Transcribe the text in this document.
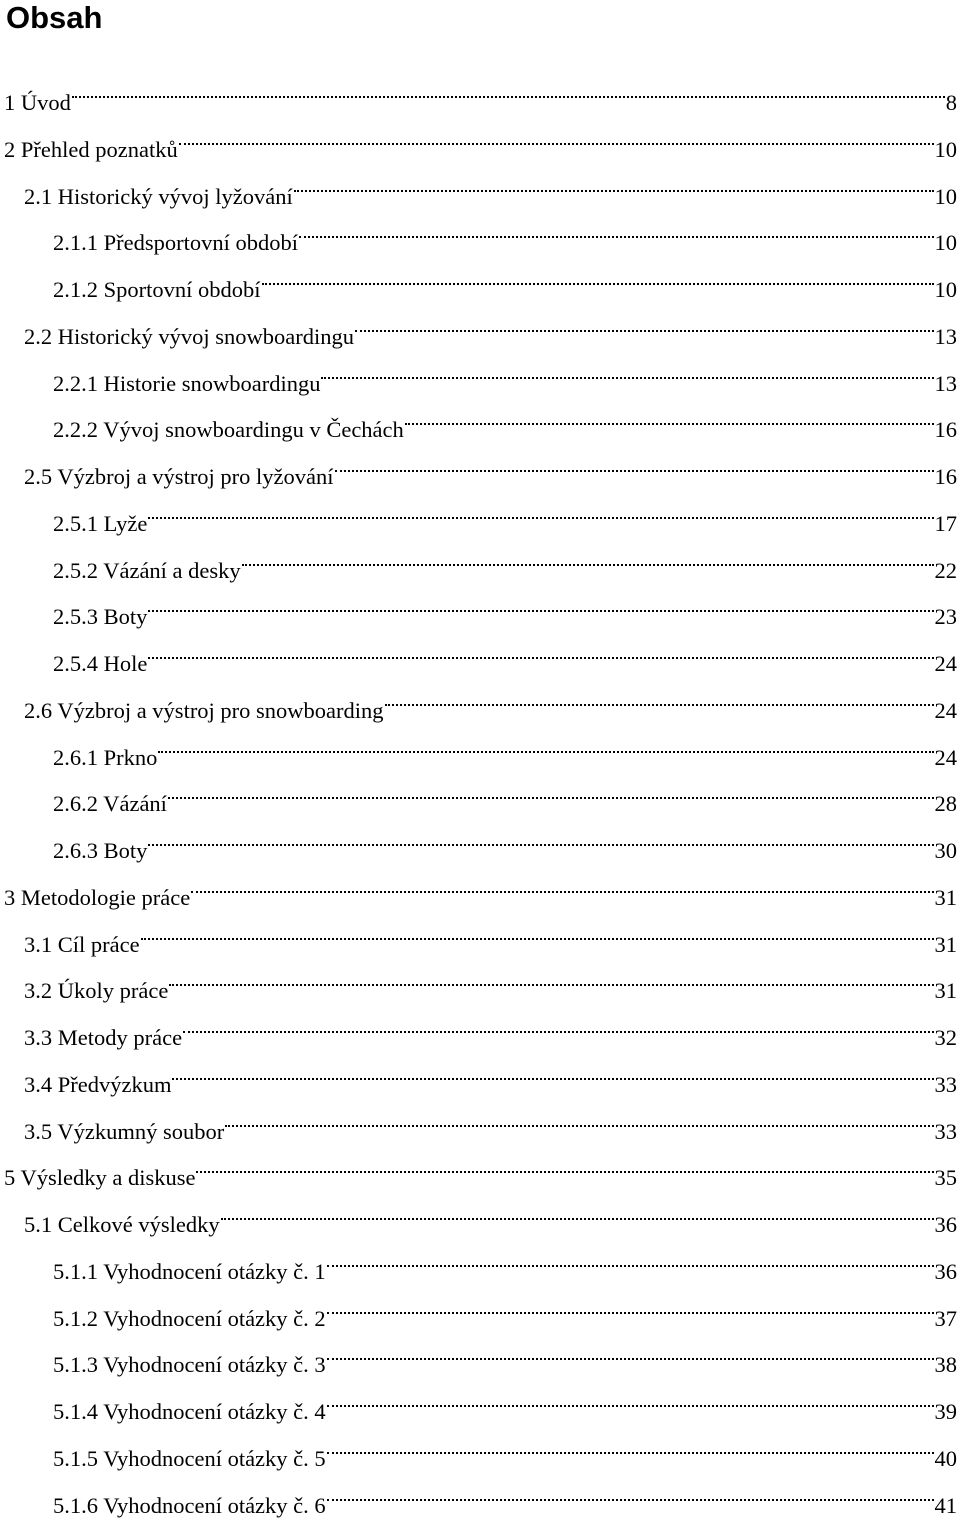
Obsah
1 Úvod	8
2 Přehled poznatků	10
2.1 Historický vývoj lyžování	10
2.1.1 Předsportovní období	10
2.1.2 Sportovní období	10
2.2 Historický vývoj snowboardingu	13
2.2.1 Historie snowboardingu	13
2.2.2 Vývoj snowboardingu v Čechách	16
2.5 Výzbroj a výstroj pro lyžování	16
2.5.1 Lyže	17
2.5.2 Vázání a desky	22
2.5.3 Boty	23
2.5.4 Hole	24
2.6 Výzbroj a výstroj pro snowboarding	24
2.6.1 Prkno	24
2.6.2 Vázání	28
2.6.3 Boty	30
3 Metodologie práce	31
3.1 Cíl práce	31
3.2 Úkoly práce	31
3.3 Metody práce	32
3.4 Předvýzkum	33
3.5 Výzkumný soubor	33
5 Výsledky a diskuse	35
5.1 Celkové výsledky	36
5.1.1 Vyhodnocení otázky č. 1	36
5.1.2 Vyhodnocení otázky č. 2	37
5.1.3 Vyhodnocení otázky č. 3	38
5.1.4 Vyhodnocení otázky č. 4	39
5.1.5 Vyhodnocení otázky č. 5	40
5.1.6 Vyhodnocení otázky č. 6	41
